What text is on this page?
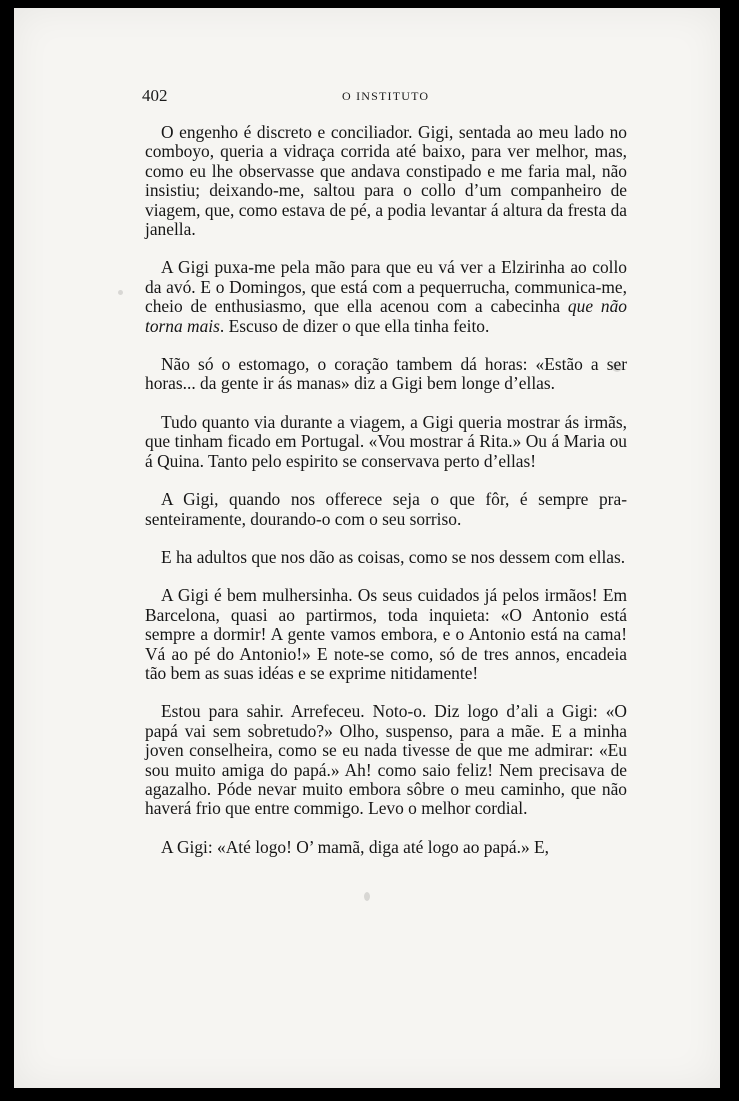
402	O INSTITUTO

O engenho é discreto e conciliador. Gigi, sentada ao meu lado no comboyo, queria a vidraça corrida até baixo, para ver melhor, mas, como eu lhe observasse que andava constipado e me faria mal, não insistiu; deixando-me, saltou para o collo d’um companheiro de viagem, que, como estava de pé, a podia levantar á altura da fresta da janella.

A Gigi puxa-me pela mão para que eu vá ver a Elzirinha ao collo da avó. E o Domingos, que está com a pequerrucha, communica-me, cheio de enthusiasmo, que ella acenou com a cabecinha que não torna mais. Escuso de dizer o que ella tinha feito.

Não só o estomago, o coração tambem dá horas: «Estão a ser horas... da gente ir ás manas» diz a Gigi bem longe d’ellas.

Tudo quanto via durante a viagem, a Gigi queria mostrar ás irmãs, que tinham ficado em Portugal. «Vou mostrar á Rita.» Ou á Maria ou á Quina. Tanto pelo espirito se conservava perto d’ellas!

A Gigi, quando nos offerece seja o que fôr, é sempre prasenteiramente, dourando-o com o seu sorriso.

E ha adultos que nos dão as coisas, como se nos dessem com ellas.

A Gigi é bem mulhersinha. Os seus cuidados já pelos irmãos! Em Barcelona, quasi ao partirmos, toda inquieta: «O Antonio está sempre a dormir! A gente vamos embora, e o Antonio está na cama! Vá ao pé do Antonio!» E note-se como, só de tres annos, encadeia tão bem as suas idéas e se exprime nitidamente!

Estou para sahir. Arrefeceu. Noto-o. Diz logo d’ali a Gigi: «O papá vai sem sobretudo?» Olho, suspenso, para a mãe. E a minha joven conselheira, como se eu nada tivesse de que me admirar: «Eu sou muito amiga do papá.» Ah! como saio feliz! Nem precisava de agazalho. Póde nevar muito embora sôbre o meu caminho, que não haverá frio que entre commigo. Levo o melhor cordial.

A Gigi: «Até logo! O’ mamã, diga até logo ao papá.» E,
